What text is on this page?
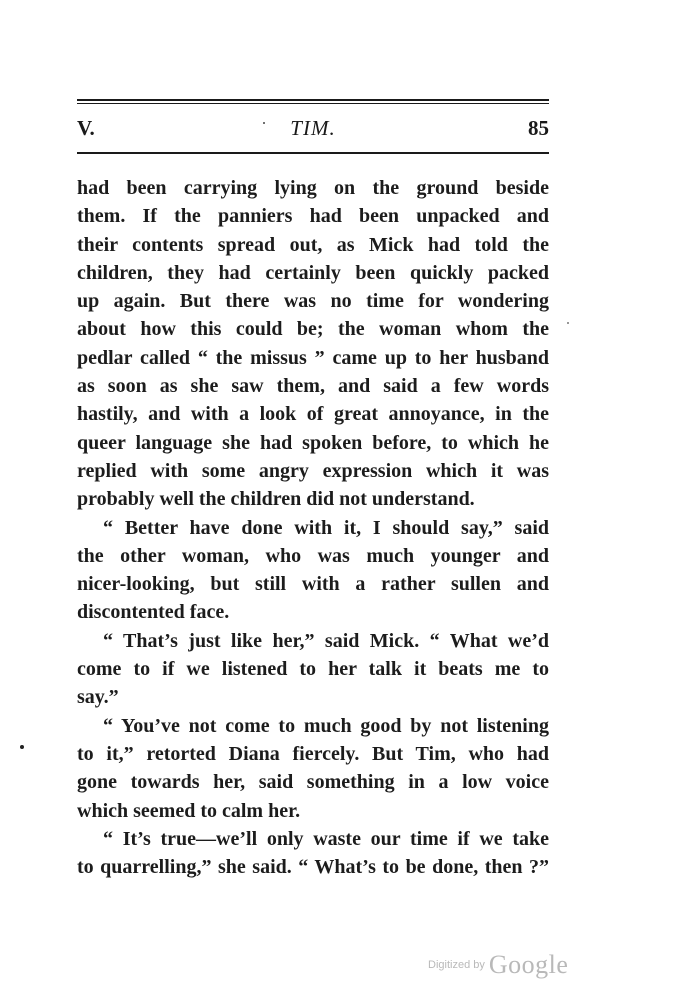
V.	TIM.	85
had been carrying lying on the ground beside
them. If the panniers had been unpacked and
their contents spread out, as Mick had told the
children, they had certainly been quickly packed
up again. But there was no time for wondering
about how this could be; the woman whom the
pedlar called “ the missus ” came up to her husband
as soon as she saw them, and said a few words
hastily, and with a look of great annoyance, in the
queer language she had spoken before, to which he
replied with some angry expression which it was
probably well the children did not understand.
“ Better have done with it, I should say,” said
the other woman, who was much younger and
nicer-looking, but still with a rather sullen and
discontented face.
“ That’s just like her,” said Mick. “ What we’d
come to if we listened to her talk it beats me to
say.”
“ You’ve not come to much good by not listening
to it,” retorted Diana fiercely. But Tim, who had
gone towards her, said something in a low voice
which seemed to calm her.
“ It’s true—we’ll only waste our time if we take
to quarrelling,” she said. “ What’s to be done, then ?”
Digitized by Google
